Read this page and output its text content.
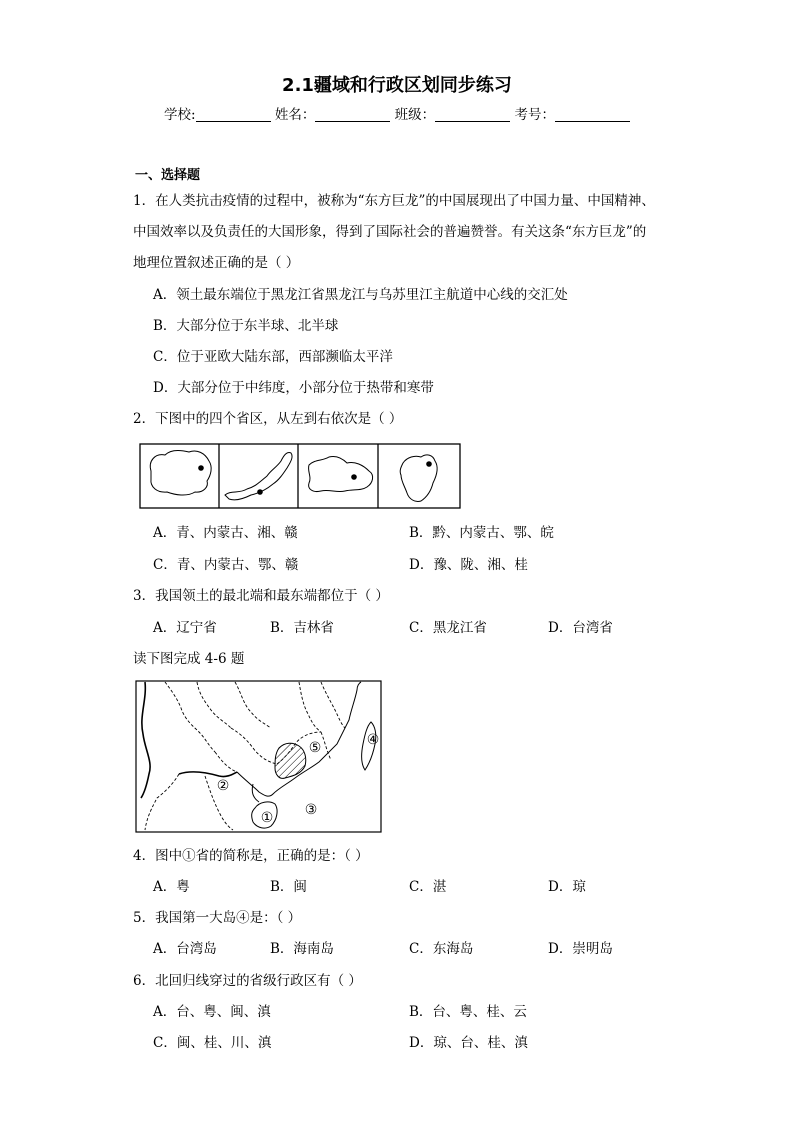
2.1疆域和行政区划同步练习
学校:	姓名：	班级：	考号：
一、选择题
1．在人类抗击疫情的过程中，被称为“东方巨龙”的中国展现出了中国力量、中国精神、
中国效率以及负责任的大国形象，得到了国际社会的普遍赞誉。有关这条“东方巨龙”的
地理位置叙述正确的是（ ）
A．领土最东端位于黑龙江省黑龙江与乌苏里江主航道中心线的交汇处
B．大部分位于东半球、北半球
C．位于亚欧大陆东部，西部濒临太平洋
D．大部分位于中纬度，小部分位于热带和寒带
2．下图中的四个省区，从左到右依次是（ ）
A．青、内蒙古、湘、赣	B．黔、内蒙古、鄂、皖
C．青、内蒙古、鄂、赣	D．豫、陇、湘、桂
3．我国领土的最北端和最东端都位于（ ）
A．辽宁省	B．吉林省	C．黑龙江省	D．台湾省
读下图完成 4-6 题
①
②
③
④
⑤
4．图中①省的简称是，正确的是：（ ）
A．粤	B．闽	C．湛	D．琼
5．我国第一大岛④是：（ ）
A．台湾岛	B．海南岛	C．东海岛	D．崇明岛
6．北回归线穿过的省级行政区有（ ）
A．台、粤、闽、滇	B．台、粤、桂、云
C．闽、桂、川、滇	D．琼、台、桂、滇
